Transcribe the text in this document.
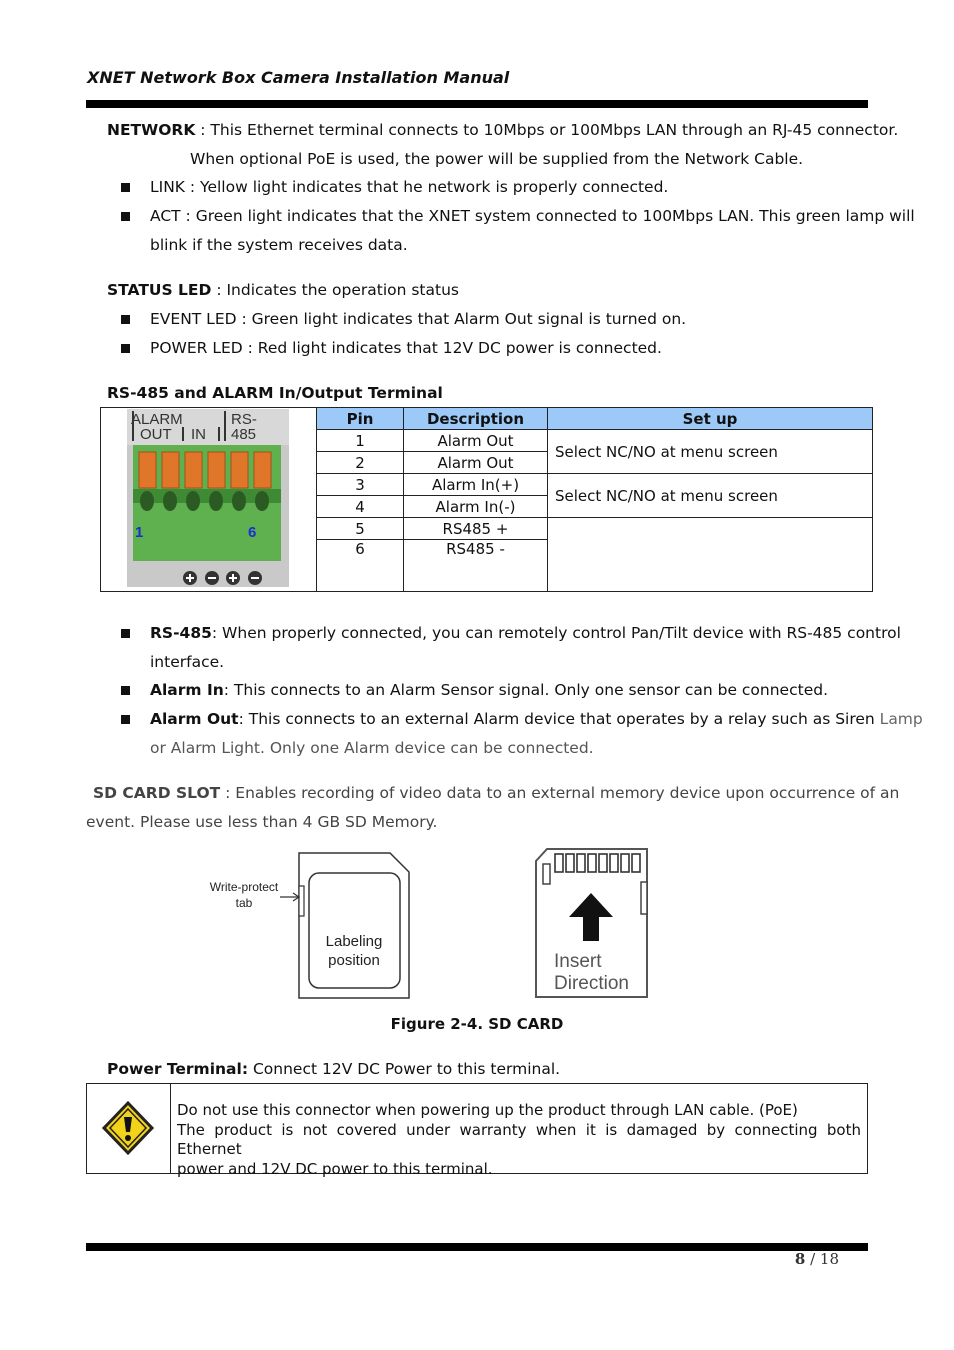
XNET Network Box Camera Installation Manual
NETWORK : This Ethernet terminal connects to 10Mbps or 100Mbps LAN through an RJ-45 connector.
When optional PoE is used, the power will be supplied from the Network Cable.
LINK : Yellow light indicates that he network is properly connected.
ACT : Green light indicates that the XNET system connected to 100Mbps LAN. This green lamp will
blink if the system receives data.
STATUS LED : Indicates the operation status
EVENT LED : Green light indicates that Alarm Out signal is turned on.
POWER LED : Red light indicates that 12V DC power is connected.
RS-485 and ALARM In/Output Terminal
	Pin	Description	Set up
	1	Alarm Out	Select NC/NO at menu screen
	2	Alarm Out	
	3	Alarm In(+)	Select NC/NO at menu screen
	4	Alarm In(-)	
	5	RS485 +	
	6	RS485 -	

ALARM
OUT IN
RS-
485
1	6
RS-485: When properly connected, you can remotely control Pan/Tilt device with RS-485 control
interface.
Alarm In: This connects to an Alarm Sensor signal. Only one sensor can be connected.
Alarm Out: This connects to an external Alarm device that operates by a relay such as Siren Lamp
or Alarm Light. Only one Alarm device can be connected.
SD CARD SLOT : Enables recording of video data to an external memory device upon occurrence of an
event. Please use less than 4 GB SD Memory.
Write-protect
tab
Labeling
position	Insert
Direction
Figure 2-4. SD CARD
Power Terminal: Connect 12V DC Power to this terminal.
Do not use this connector when powering up the product through LAN cable. (PoE)
The product is not covered under warranty when it is damaged by connecting both Ethernet
power and 12V DC power to this terminal.
8 / 18
